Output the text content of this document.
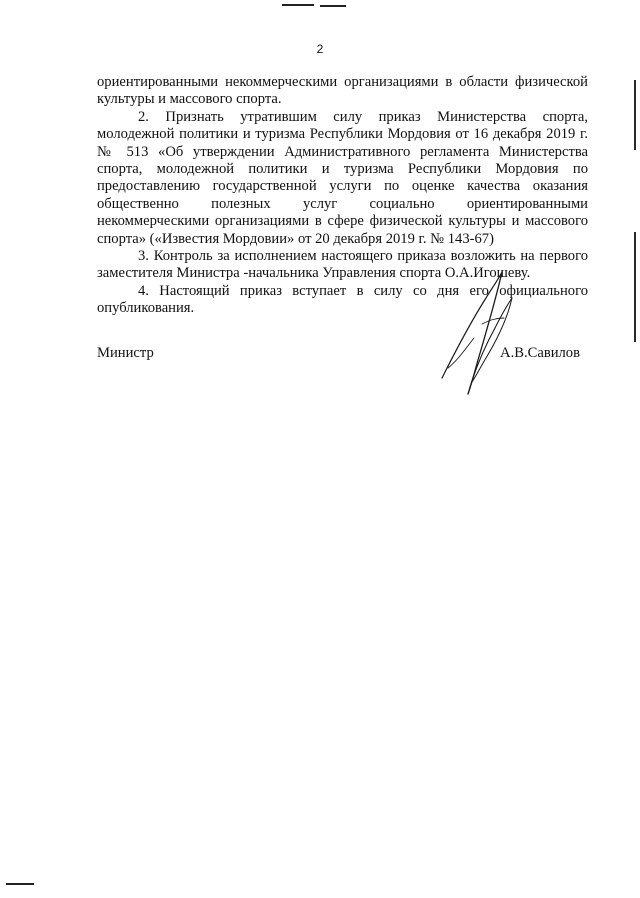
2

ориентированными некоммерческими организациями в области физической культуры и массового спорта.

2. Признать утратившим силу приказ Министерства спорта, молодежной политики и туризма Республики Мордовия от 16 декабря 2019 г. № 513 «Об утверждении Административного регламента Министерства спорта, молодежной политики и туризма Республики Мордовия по предоставлению государственной услуги по оценке качества оказания общественно полезных услуг социально ориентированными некоммерческими организациями в сфере физической культуры и массового спорта» («Известия Мордовии» от 20 декабря 2019 г. № 143-67)

3. Контроль за исполнением настоящего приказа возложить на первого заместителя Министра -начальника Управления спорта О.А.Игошеву.

4. Настоящий приказ вступает в силу со дня его официального опубликования.

Министр	А.В.Савилов
